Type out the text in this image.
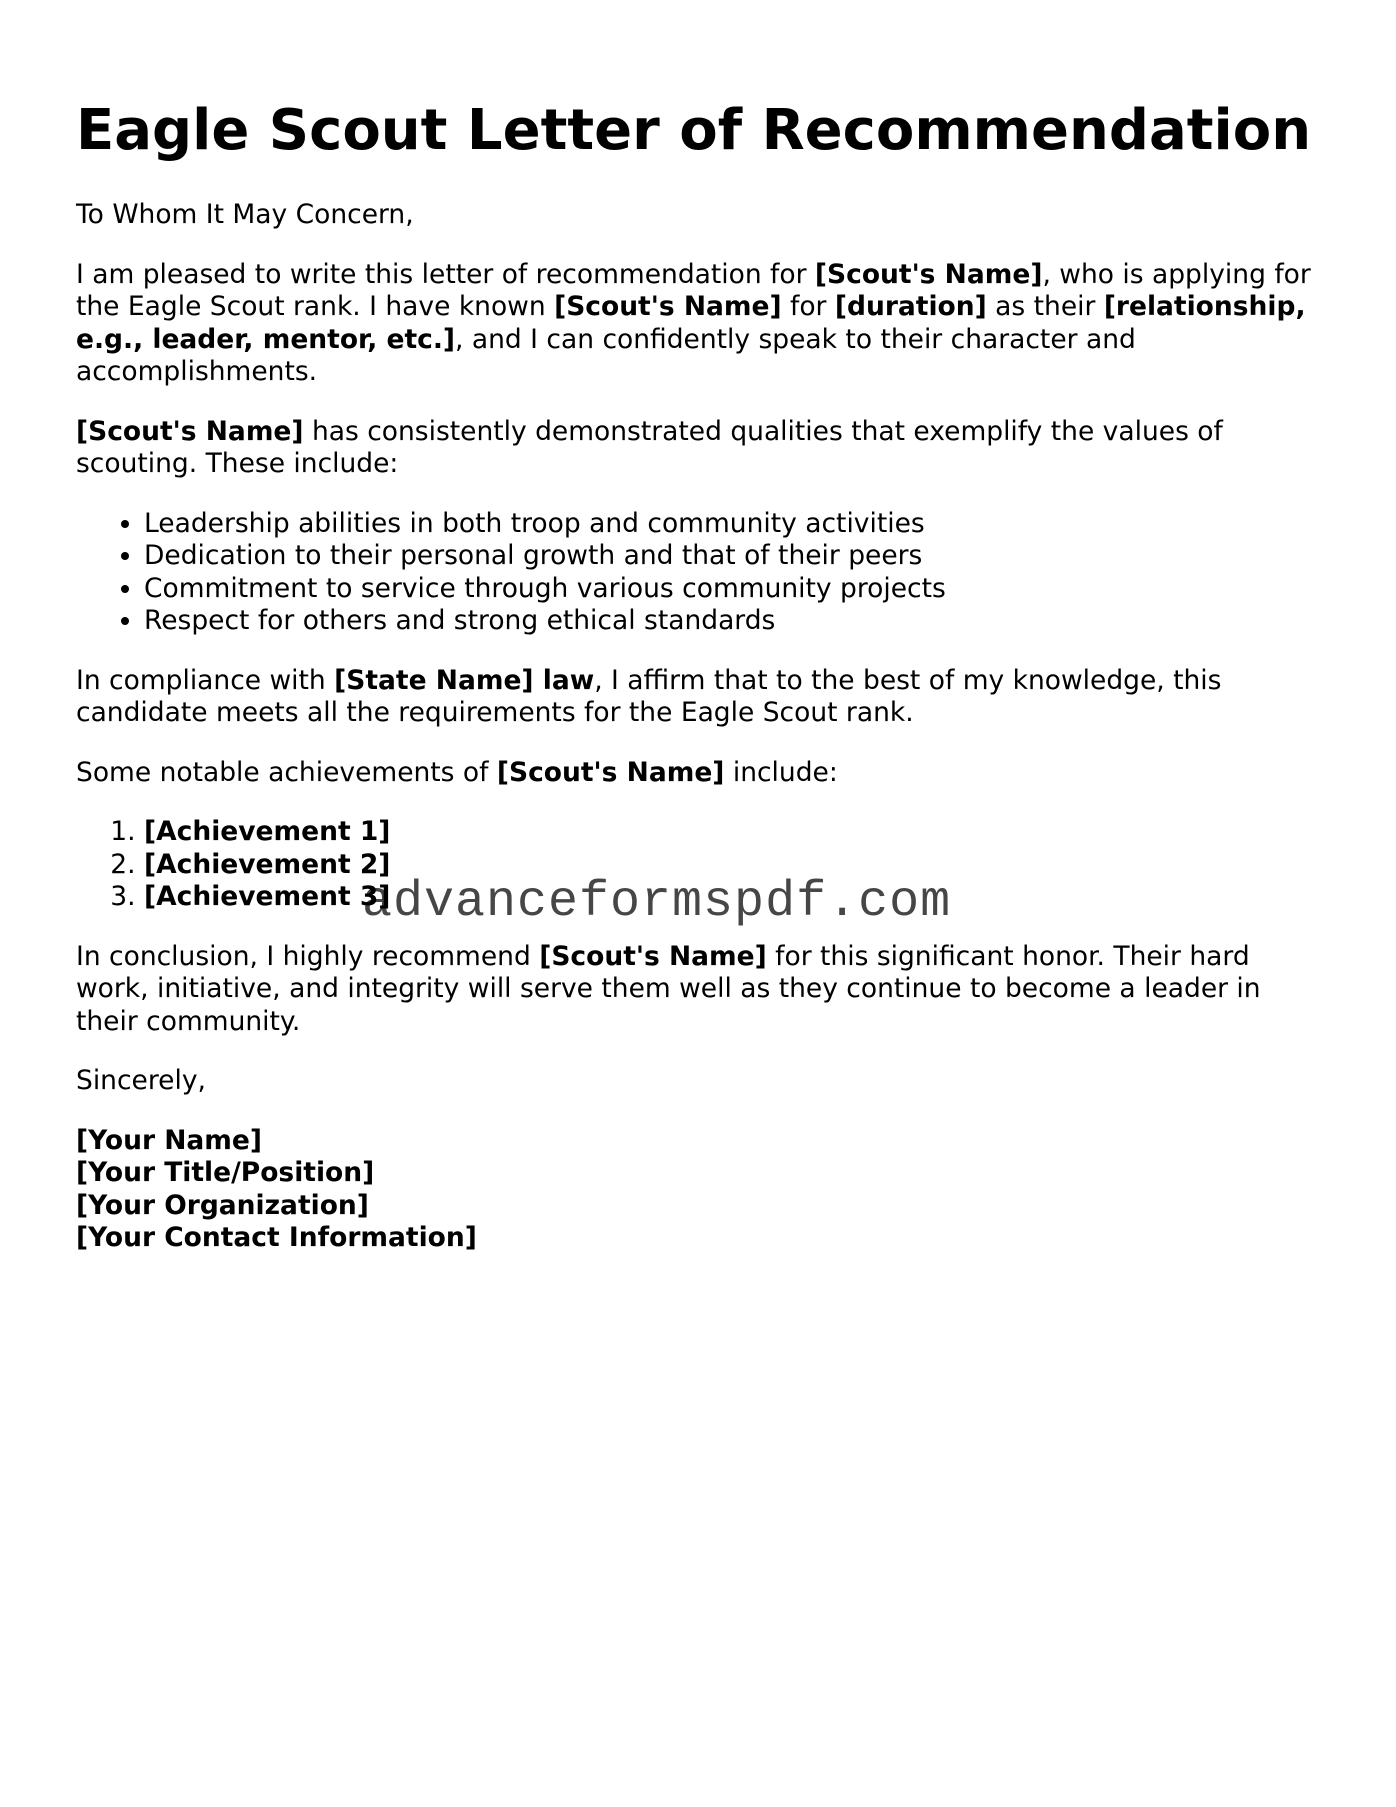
Eagle Scout Letter of Recommendation

To Whom It May Concern,

I am pleased to write this letter of recommendation for [Scout's Name], who is applying for the Eagle Scout rank. I have known [Scout's Name] for [duration] as their [relationship, e.g., leader, mentor, etc.], and I can confidently speak to their character and accomplishments.

[Scout's Name] has consistently demonstrated qualities that exemplify the values of scouting. These include:

• Leadership abilities in both troop and community activities
• Dedication to their personal growth and that of their peers
• Commitment to service through various community projects
• Respect for others and strong ethical standards

In compliance with [State Name] law, I affirm that to the best of my knowledge, this candidate meets all the requirements for the Eagle Scout rank.

Some notable achievements of [Scout's Name] include:

1. [Achievement 1]
2. [Achievement 2]
3. [Achievement 3]

In conclusion, I highly recommend [Scout's Name] for this significant honor. Their hard work, initiative, and integrity will serve them well as they continue to become a leader in their community.

Sincerely,

[Your Name]
[Your Title/Position]
[Your Organization]
[Your Contact Information]
advanceformspdf.com
